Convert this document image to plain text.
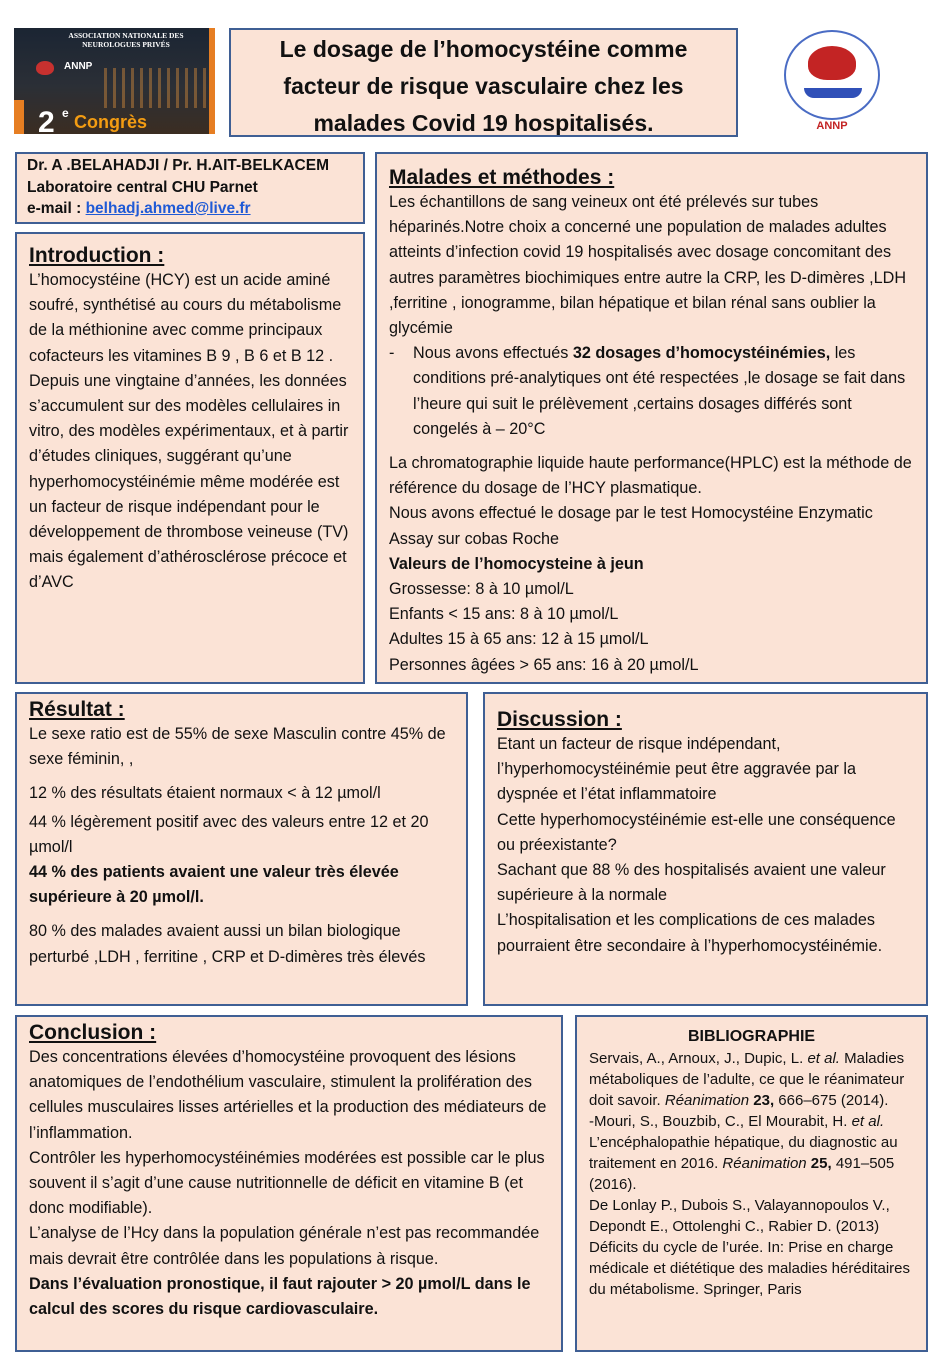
ASSOCIATION NATIONALE DES NEUROLOGUES PRIVÉS
ANNP
2 e Congrès

Le dosage de l’homocystéine comme

facteur de risque vasculaire chez les

malades Covid 19 hospitalisés.	ANNP

Dr. A .BELAHADJI / Pr. H.AIT-BELKACEM

Laboratoire central CHU Parnet

e-mail : belhadj.ahmed@live.fr

Introduction :

L’homocystéine (HCY) est un acide aminé soufré, synthétisé au cours du métabolisme de la méthionine avec comme principaux cofacteurs les vitamines B 9 , B 6 et B 12 .

Depuis une vingtaine d’années, les données s’accumulent sur des modèles cellulaires in vitro, des modèles expérimentaux, et à partir d’études cliniques, suggérant qu’une hyperhomocystéinémie même modérée est un facteur de risque indépendant pour le développement de thrombose veineuse (TV) mais également d’athérosclérose précoce et d’AVC

Malades et méthodes :

Les échantillons de sang veineux ont été prélevés sur tubes héparinés.Notre choix a concerné une population de malades adultes atteints d’infection covid 19 hospitalisés avec dosage concomitant des autres paramètres biochimiques entre autre la CRP, les D-dimères ,LDH ,ferritine , ionogramme, bilan hépatique et bilan rénal sans oublier la glycémie

- Nous avons effectués 32 dosages d’homocystéinémies, les conditions pré-analytiques ont été respectées ,le dosage se fait dans l’heure qui suit le prélèvement ,certains dosages différés sont congelés à – 20°C

La chromatographie liquide haute performance(HPLC) est la méthode de référence du dosage de l’HCY plasmatique.

Nous avons effectué le dosage par le test Homocystéine Enzymatic Assay sur cobas Roche

Valeurs de l’homocysteine à jeun

Grossesse: 8 à 10 µmol/L

Enfants < 15 ans: 8 à 10 µmol/L

Adultes 15 à 65 ans: 12 à 15 µmol/L

Personnes âgées > 65 ans: 16 à 20 µmol/L

Résultat :

Le sexe ratio est de 55% de sexe Masculin contre 45% de sexe féminin, ,

12 % des résultats étaient normaux < à 12 µmol/l

44 % légèrement positif avec des valeurs entre 12 et 20 µmol/l

44 % des patients avaient une valeur très élevée supérieure à 20 µmol/l.

80 % des malades avaient aussi un bilan biologique perturbé ,LDH , ferritine , CRP et D-dimères très élevés

Discussion :

Etant un facteur de risque indépendant, l’hyperhomocystéinémie peut être aggravée par la dyspnée et l’état inflammatoire

Cette hyperhomocystéinémie est-elle une conséquence ou préexistante?

Sachant que 88 % des hospitalisés avaient une valeur supérieure à la normale

L’hospitalisation et les complications de ces malades pourraient être secondaire à l’hyperhomocystéinémie.

Conclusion :

Des concentrations élevées d’homocystéine provoquent des lésions anatomiques de l’endothélium vasculaire, stimulent la prolifération des cellules musculaires lisses artérielles et la production des médiateurs de l’inflammation.

Contrôler les hyperhomocystéinémies modérées est possible car le plus souvent il s’agit d’une cause nutritionnelle de déficit en vitamine B (et donc modifiable).

L’analyse de l’Hcy dans la population générale n’est pas recommandée mais devrait être contrôlée dans les populations à risque.

Dans l’évaluation pronostique, il faut rajouter > 20 µmol/L dans le calcul des scores du risque cardiovasculaire.

BIBLIOGRAPHIE

Servais, A., Arnoux, J., Dupic, L. et al. Maladies métaboliques de l’adulte, ce que le réanimateur doit savoir. Réanimation 23, 666–675 (2014).

-Mouri, S., Bouzbib, C., El Mourabit, H. et al. L’encéphalopathie hépatique, du diagnostic au traitement en 2016. Réanimation 25, 491–505 (2016).

De Lonlay P., Dubois S., Valayannopoulos V., Depondt E., Ottolenghi C., Rabier D. (2013) Déficits du cycle de l’urée. In: Prise en charge médicale et diététique des maladies héréditaires du métabolisme. Springer, Paris
